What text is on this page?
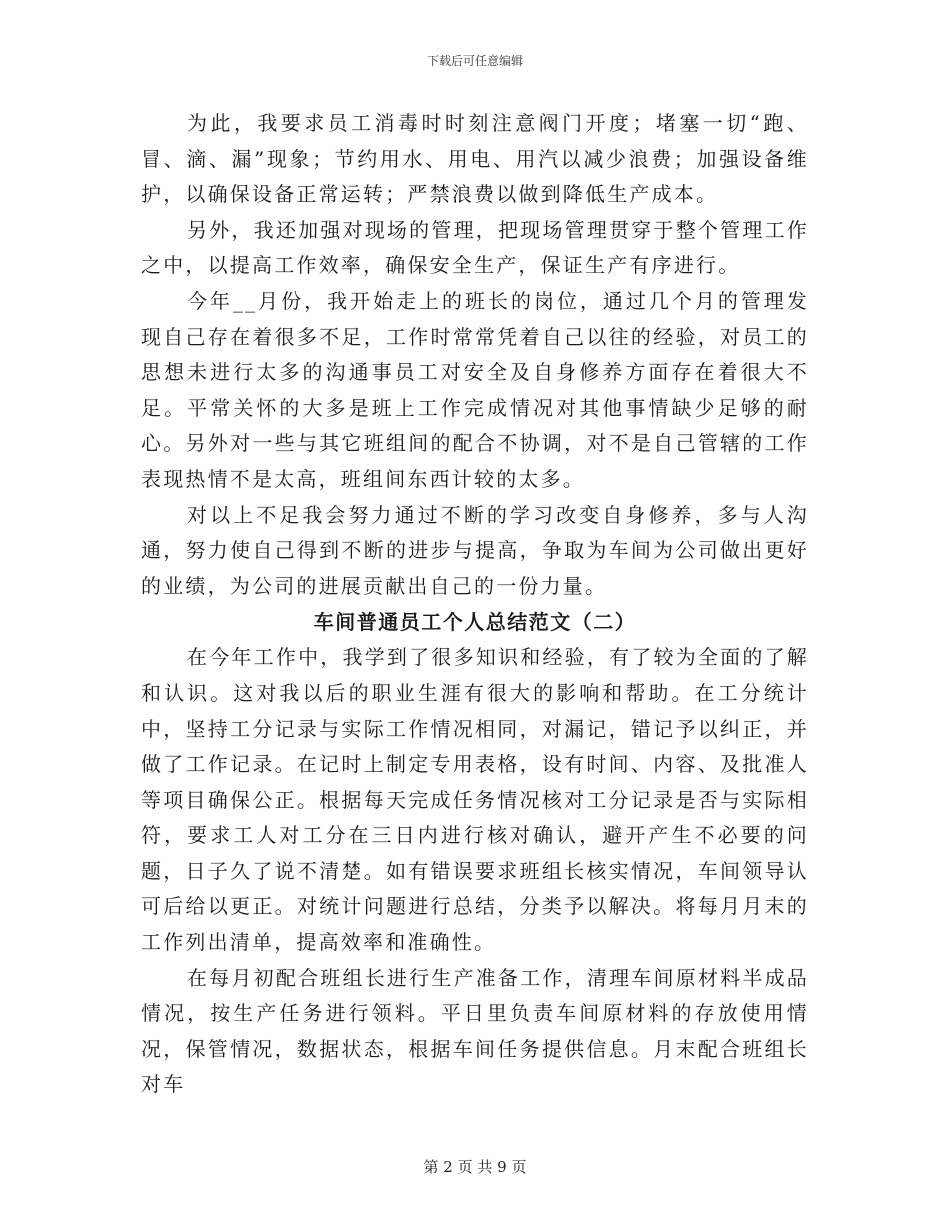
下载后可任意编辑

为此，我要求员工消毒时时刻注意阀门开度；堵塞一切“跑、冒、滴、漏”现象；节约用水、用电、用汽以减少浪费；加强设备维护，以确保设备正常运转；严禁浪费以做到降低生产成本。

另外，我还加强对现场的管理，把现场管理贯穿于整个管理工作之中，以提高工作效率，确保安全生产，保证生产有序进行。

今年__月份，我开始走上的班长的岗位，通过几个月的管理发现自己存在着很多不足，工作时常常凭着自己以往的经验，对员工的思想未进行太多的沟通事员工对安全及自身修养方面存在着很大不足。平常关怀的大多是班上工作完成情况对其他事情缺少足够的耐心。另外对一些与其它班组间的配合不协调，对不是自己管辖的工作表现热情不是太高，班组间东西计较的太多。

对以上不足我会努力通过不断的学习改变自身修养，多与人沟通，努力使自己得到不断的进步与提高，争取为车间为公司做出更好的业绩，为公司的进展贡献出自己的一份力量。

车间普通员工个人总结范文（二）

在今年工作中，我学到了很多知识和经验，有了较为全面的了解和认识。这对我以后的职业生涯有很大的影响和帮助。在工分统计中，坚持工分记录与实际工作情况相同，对漏记，错记予以纠正，并做了工作记录。在记时上制定专用表格，设有时间、内容、及批准人等项目确保公正。根据每天完成任务情况核对工分记录是否与实际相符，要求工人对工分在三日内进行核对确认，避开产生不必要的问题，日子久了说不清楚。如有错误要求班组长核实情况，车间领导认可后给以更正。对统计问题进行总结，分类予以解决。将每月月末的工作列出清单，提高效率和准确性。

在每月初配合班组长进行生产准备工作，清理车间原材料半成品情况，按生产任务进行领料。平日里负责车间原材料的存放使用情况，保管情况，数据状态，根据车间任务提供信息。月末配合班组长对车

第 2 页 共 9 页
